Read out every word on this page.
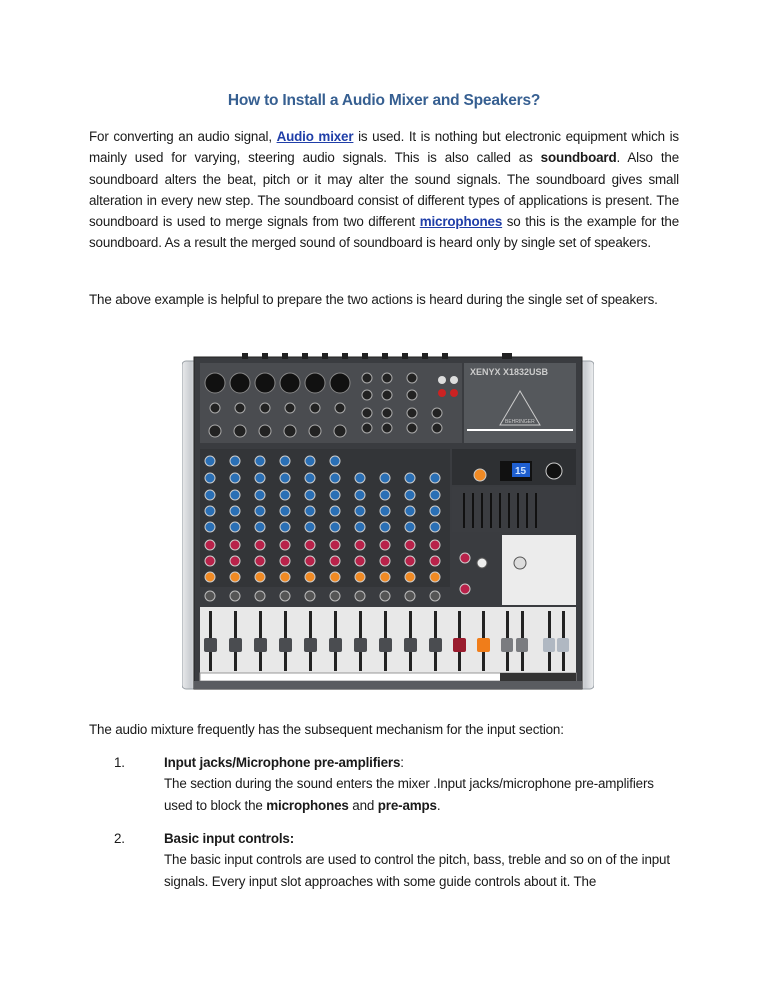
How to Install a Audio Mixer and Speakers?
For converting an audio signal, Audio mixer is used. It is nothing but electronic equipment which is mainly used for varying, steering audio signals. This is also called as soundboard. Also the soundboard alters the beat, pitch or it may alter the sound signals. The soundboard gives small alteration in every new step. The soundboard consist of different types of applications is present. The soundboard is used to merge signals from two different microphones so this is the example for the soundboard. As a result the merged sound of soundboard is heard only by single set of speakers.
The above example is helpful to prepare the two actions is heard during the single set of speakers.
XENYX X1832USB
BEHRINGER
15
The audio mixture frequently has the subsequent mechanism for the input section:
1.	Input jacks/Microphone pre-amplifiers:
The section during the sound enters the mixer .Input jacks/microphone pre-amplifiers used to block the microphones and pre-amps.
2.	Basic input controls:
The basic input controls are used to control the pitch, bass, treble and so on of the input signals. Every input slot approaches with some guide controls about it. The
